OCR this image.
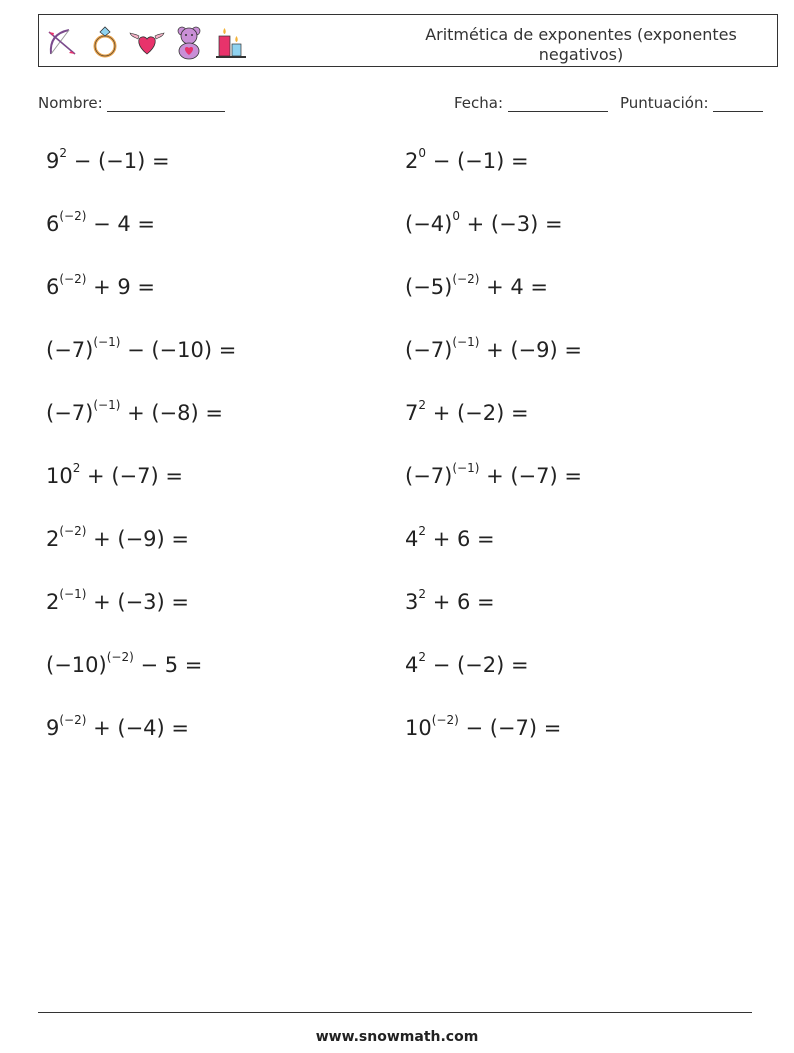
Aritmética de exponentes (exponentes negativos)
Nombre:	Fecha:	Puntuación:
$9^2 - (-1)$ =
$6^{(-2)} - 4$ =
$6^{(-2)} + 9$ =
$(-7)^{(-1)} - (-10)$ =
$(-7)^{(-1)} + (-8)$ =
$10^2 + (-7)$ =
$2^{(-2)} + (-9)$ =
$2^{(-1)} + (-3)$ =
$(-10)^{(-2)} - 5$ =
$9^{(-2)} + (-4)$ =
$2^0 - (-1)$ =
$(-4)^0 + (-3)$ =
$(-5)^{(-2)} + 4$ =
$(-7)^{(-1)} + (-9)$ =
$7^2 + (-2)$ =
$(-7)^{(-1)} + (-7)$ =
$4^2 + 6$ =
$3^2 + 6$ =
$4^2 - (-2)$ =
$10^{(-2)} - (-7)$ =
www.snowmath.com
